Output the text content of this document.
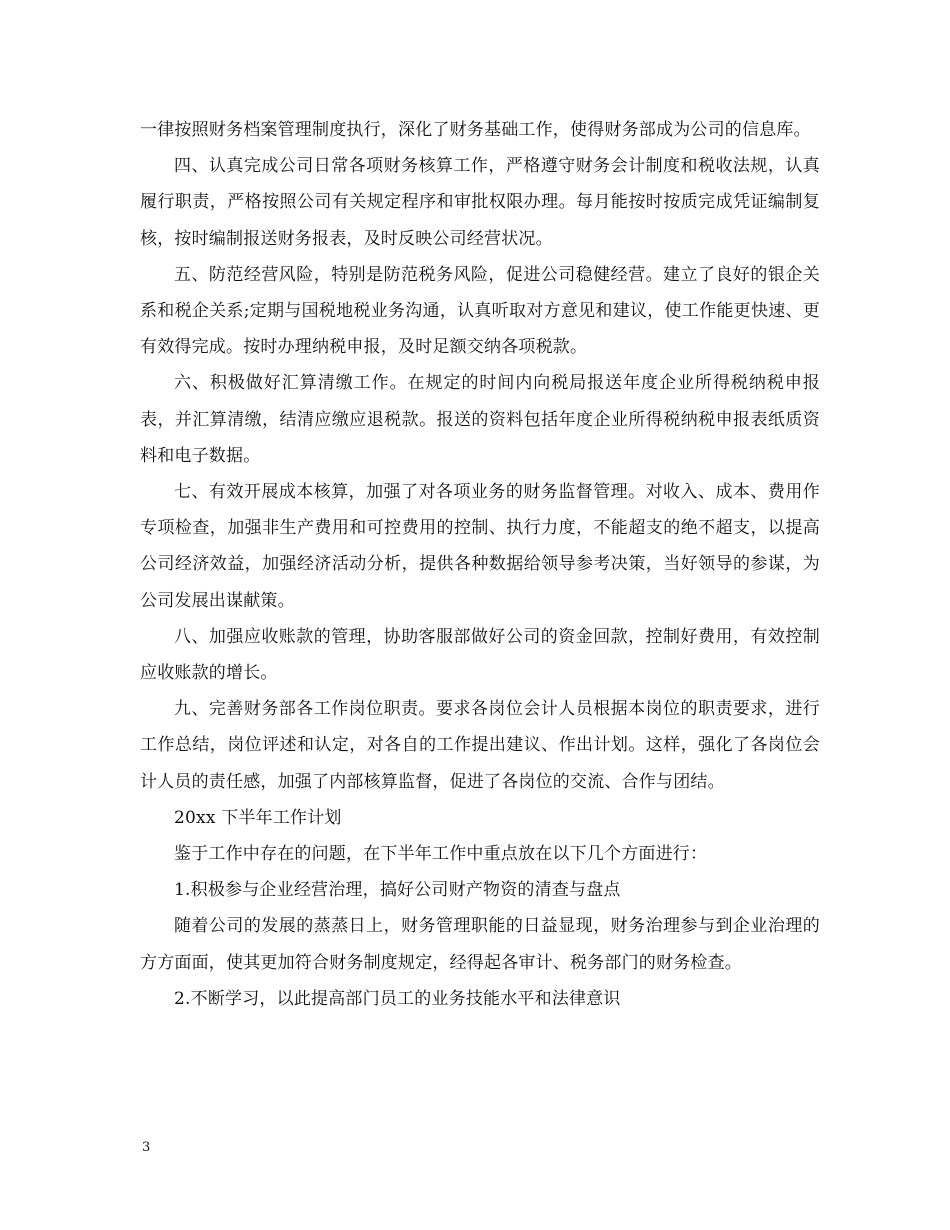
一律按照财务档案管理制度执行，深化了财务基础工作，使得财务部成为公司的信息库。

四、认真完成公司日常各项财务核算工作，严格遵守财务会计制度和税收法规，认真履行职责，严格按照公司有关规定程序和审批权限办理。每月能按时按质完成凭证编制复核，按时编制报送财务报表，及时反映公司经营状况。

五、防范经营风险，特别是防范税务风险，促进公司稳健经营。建立了良好的银企关系和税企关系;定期与国税地税业务沟通，认真听取对方意见和建议，使工作能更快速、更有效得完成。按时办理纳税申报，及时足额交纳各项税款。

六、积极做好汇算清缴工作。在规定的时间内向税局报送年度企业所得税纳税申报表，并汇算清缴，结清应缴应退税款。报送的资料包括年度企业所得税纳税申报表纸质资料和电子数据。

七、有效开展成本核算，加强了对各项业务的财务监督管理。对收入、成本、费用作专项检查，加强非生产费用和可控费用的控制、执行力度，不能超支的绝不超支，以提高公司经济效益，加强经济活动分析，提供各种数据给领导参考决策，当好领导的参谋，为公司发展出谋献策。

八、加强应收账款的管理，协助客服部做好公司的资金回款，控制好费用，有效控制应收账款的增长。

九、完善财务部各工作岗位职责。要求各岗位会计人员根据本岗位的职责要求，进行工作总结，岗位评述和认定，对各自的工作提出建议、作出计划。这样，强化了各岗位会计人员的责任感，加强了内部核算监督，促进了各岗位的交流、合作与团结。

20xx 下半年工作计划

鉴于工作中存在的问题，在下半年工作中重点放在以下几个方面进行：

1.积极参与企业经营治理，搞好公司财产物资的清查与盘点

随着公司的发展的蒸蒸日上，财务管理职能的日益显现，财务治理参与到企业治理的方方面面，使其更加符合财务制度规定，经得起各审计、税务部门的财务检查。

2.不断学习，以此提高部门员工的业务技能水平和法律意识

3
